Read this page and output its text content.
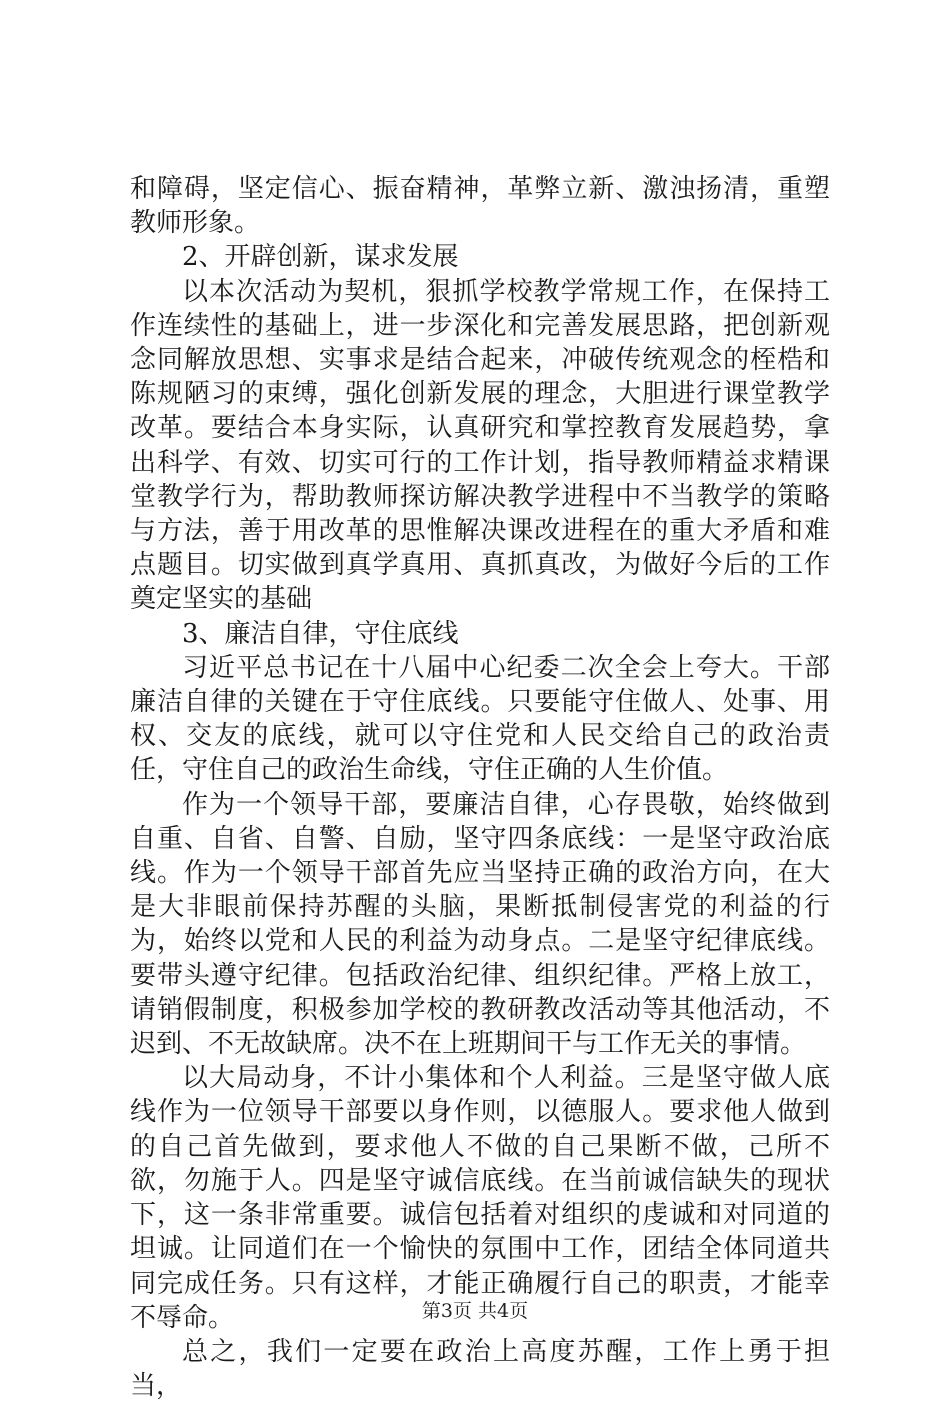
和障碍，坚定信心、振奋精神，革弊立新、激浊扬清，重塑教师形象。

2、开辟创新，谋求发展

以本次活动为契机，狠抓学校教学常规工作，在保持工作连续性的基础上，进一步深化和完善发展思路，把创新观念同解放思想、实事求是结合起来，冲破传统观念的桎梏和陈规陋习的束缚，强化创新发展的理念，大胆进行课堂教学改革。要结合本身实际，认真研究和掌控教育发展趋势，拿出科学、有效、切实可行的工作计划，指导教师精益求精课堂教学行为，帮助教师探访解决教学进程中不当教学的策略与方法，善于用改革的思惟解决课改进程在的重大矛盾和难点题目。切实做到真学真用、真抓真改，为做好今后的工作奠定坚实的基础

3、廉洁自律，守住底线

习近平总书记在十八届中心纪委二次全会上夸大。干部廉洁自律的关键在于守住底线。只要能守住做人、处事、用权、交友的底线，就可以守住党和人民交给自己的政治责任，守住自己的政治生命线，守住正确的人生价值。

作为一个领导干部，要廉洁自律，心存畏敬，始终做到自重、自省、自警、自励，坚守四条底线：一是坚守政治底线。作为一个领导干部首先应当坚持正确的政治方向，在大是大非眼前保持苏醒的头脑，果断抵制侵害党的利益的行为，始终以党和人民的利益为动身点。二是坚守纪律底线。要带头遵守纪律。包括政治纪律、组织纪律。严格上放工，请销假制度，积极参加学校的教研教改活动等其他活动，不迟到、不无故缺席。决不在上班期间干与工作无关的事情。

以大局动身，不计小集体和个人利益。三是坚守做人底线作为一位领导干部要以身作则，以德服人。要求他人做到的自己首先做到，要求他人不做的自己果断不做，己所不欲，勿施于人。四是坚守诚信底线。在当前诚信缺失的现状下，这一条非常重要。诚信包括着对组织的虔诚和对同道的坦诚。让同道们在一个愉快的氛围中工作，团结全体同道共同完成任务。只有这样，才能正确履行自己的职责，才能幸不辱命。

总之，我们一定要在政治上高度苏醒，工作上勇于担当，

第3页 共4页
